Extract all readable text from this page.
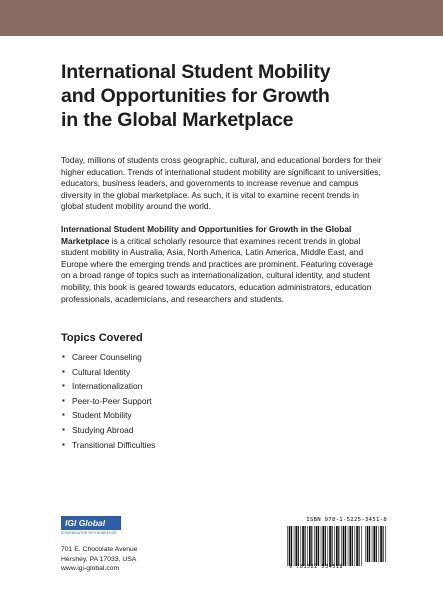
International Student Mobility
and Opportunities for Growth
in the Global Marketplace

Today, millions of students cross geographic, cultural, and educational borders for their higher education. Trends of international student mobility are significant to universities, educators, business leaders, and governments to increase revenue and campus diversity in the global marketplace. As such, it is vital to examine recent trends in global student mobility around the world.

International Student Mobility and Opportunities for Growth in the Global Marketplace is a critical scholarly resource that examines recent trends in global student mobility in Australia, Asia, North America, Latin America, Middle East, and Europe where the emerging trends and practices are prominent. Featuring coverage on a broad range of topics such as internationalization, cultural identity, and student mobility, this book is geared towards educators, education administrators, education professionals, academicians, and researchers and students.

Topics Covered
▪ Career Counseling
▪ Cultural Identity
▪ Internationalization
▪ Peer-to-Peer Support
▪ Student Mobility
▪ Studying Abroad
▪ Transitional Difficulties
IGI Global
DISSEMINATOR OF KNOWLEDGE
701 E. Chocolate Avenue
Hershey, PA 17033, USA
www.igi-global.com
ISBN 978-1-5225-3451-8
9 781522 534518
